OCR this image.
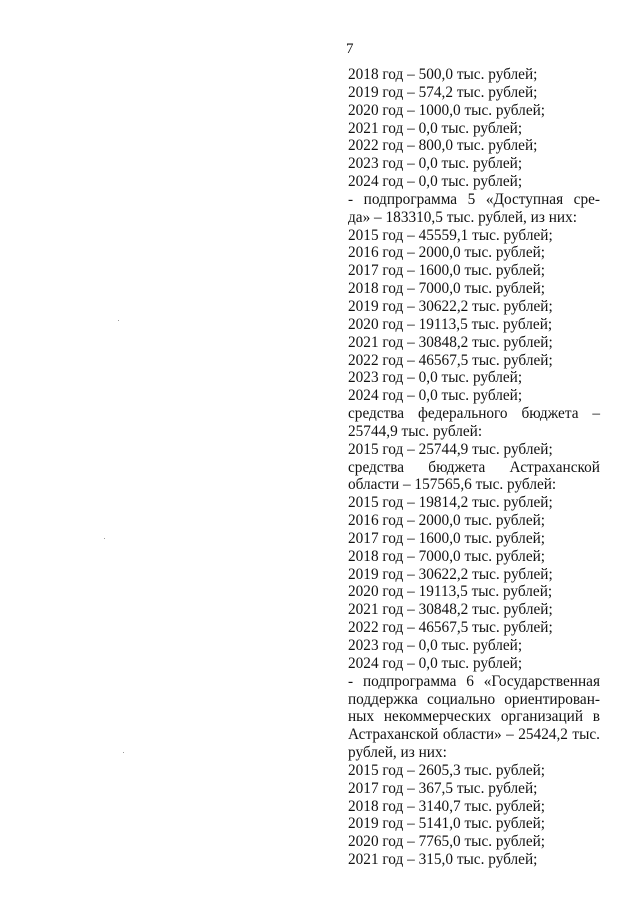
7
2018 год – 500,0 тыс. рублей;
2019 год – 574,2 тыс. рублей;
2020 год – 1000,0 тыс. рублей;
2021 год – 0,0 тыс. рублей;
2022 год – 800,0 тыс. рублей;
2023 год – 0,0 тыс. рублей;
2024 год – 0,0 тыс. рублей;
- подпрограмма 5 «Доступная сре-
да» – 183310,5 тыс. рублей, из них:
2015 год – 45559,1 тыс. рублей;
2016 год – 2000,0 тыс. рублей;
2017 год – 1600,0 тыс. рублей;
2018 год – 7000,0 тыс. рублей;
2019 год – 30622,2 тыс. рублей;
2020 год – 19113,5 тыс. рублей;
2021 год – 30848,2 тыс. рублей;
2022 год – 46567,5 тыс. рублей;
2023 год – 0,0 тыс. рублей;
2024 год – 0,0 тыс. рублей;
средства федерального бюджета –
25744,9 тыс. рублей:
2015 год – 25744,9 тыс. рублей;
средства бюджета Астраханской
области – 157565,6 тыс. рублей:
2015 год – 19814,2 тыс. рублей;
2016 год – 2000,0 тыс. рублей;
2017 год – 1600,0 тыс. рублей;
2018 год – 7000,0 тыс. рублей;
2019 год – 30622,2 тыс. рублей;
2020 год – 19113,5 тыс. рублей;
2021 год – 30848,2 тыс. рублей;
2022 год – 46567,5 тыс. рублей;
2023 год – 0,0 тыс. рублей;
2024 год – 0,0 тыс. рублей;
- подпрограмма 6 «Государственная
поддержка социально ориентирован-
ных некоммерческих организаций в
Астраханской области» – 25424,2 тыс.
рублей, из них:
2015 год – 2605,3 тыс. рублей;
2017 год – 367,5 тыс. рублей;
2018 год – 3140,7 тыс. рублей;
2019 год – 5141,0 тыс. рублей;
2020 год – 7765,0 тыс. рублей;
2021 год – 315,0 тыс. рублей;
